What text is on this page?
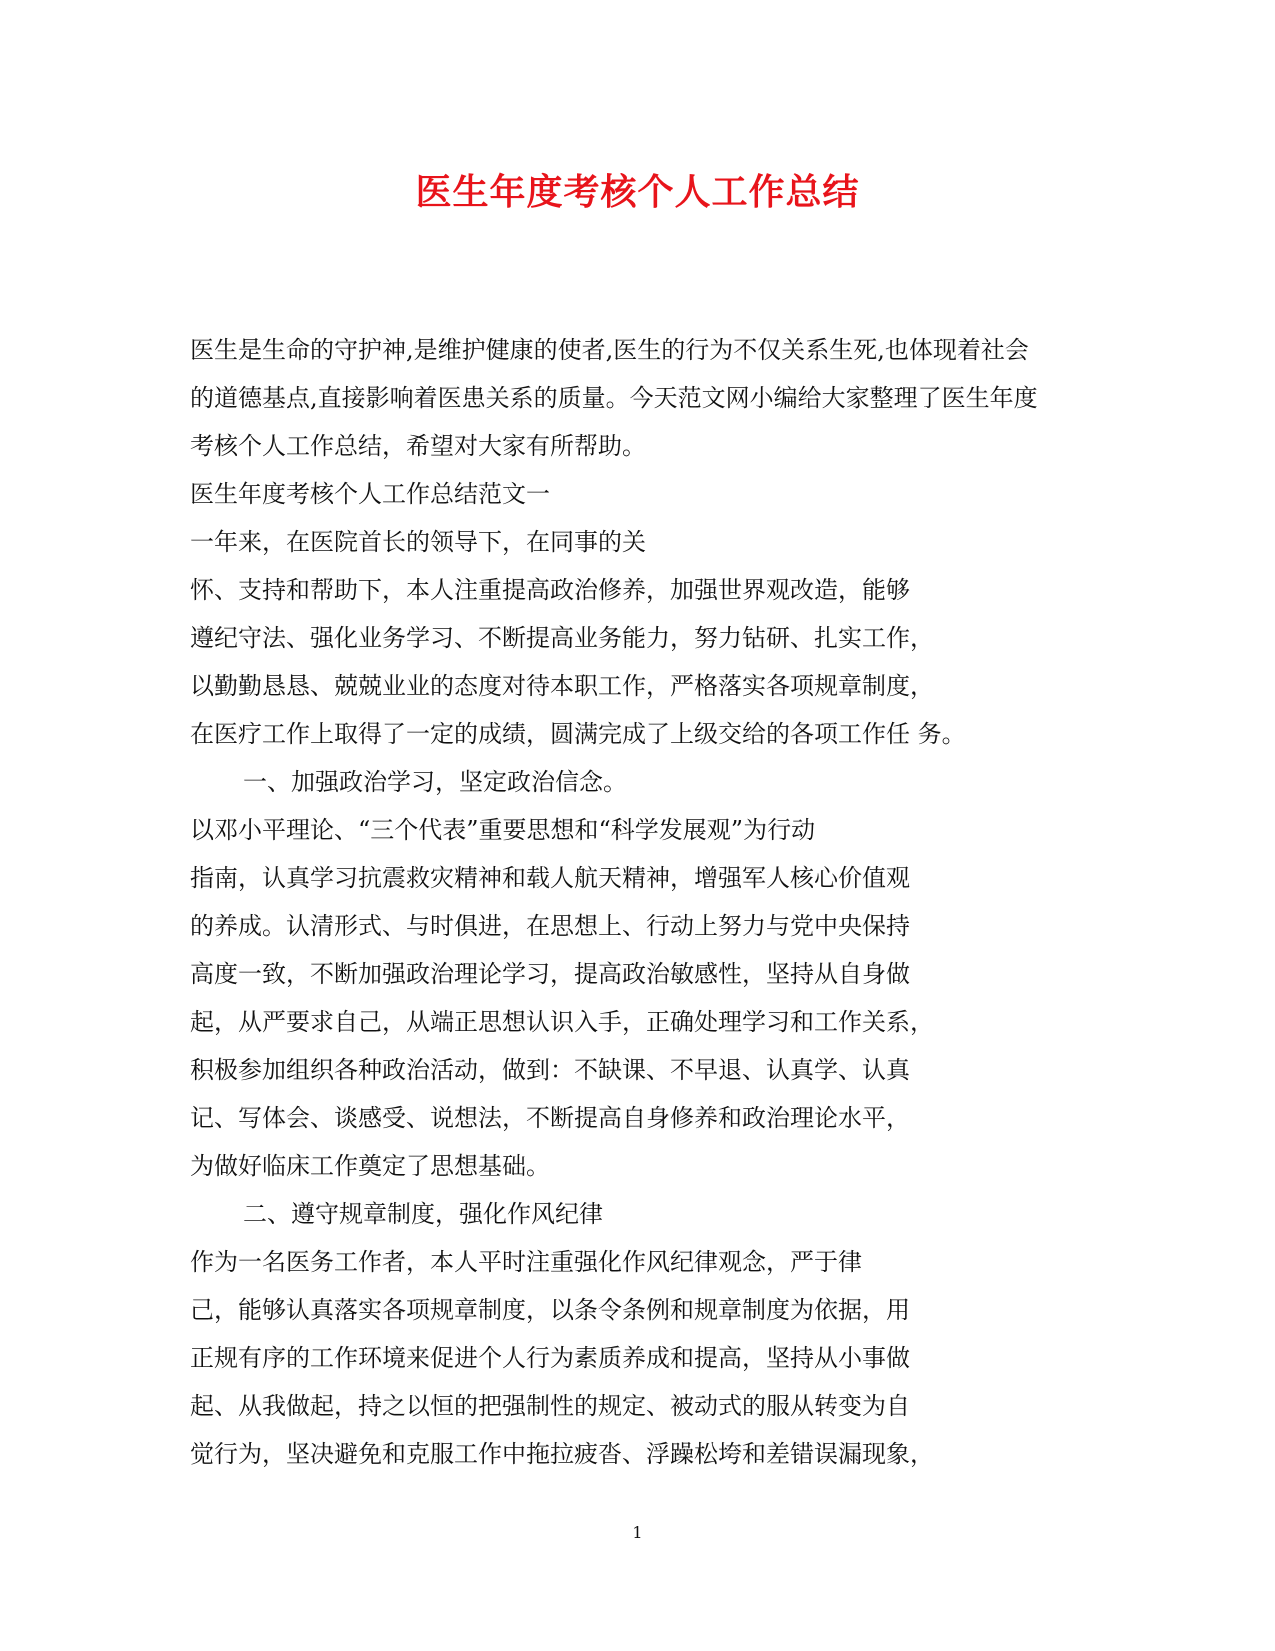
医生年度考核个人工作总结
医生是生命的守护神,是维护健康的使者,医生的行为不仅关系生死,也体现着社会
的道德基点,直接影响着医患关系的质量。今天范文网小编给大家整理了医生年度
考核个人工作总结，希望对大家有所帮助。
医生年度考核个人工作总结范文一
一年来，在医院首长的领导下，在同事的关
怀、支持和帮助下，本人注重提高政治修养，加强世界观改造，能够
遵纪守法、强化业务学习、不断提高业务能力，努力钻研、扎实工作，
以勤勤恳恳、兢兢业业的态度对待本职工作，严格落实各项规章制度，
在医疗工作上取得了一定的成绩，圆满完成了上级交给的各项工作任 务。
一、加强政治学习，坚定政治信念。
以邓小平理论、“三个代表”重要思想和“科学发展观”为行动
指南，认真学习抗震救灾精神和载人航天精神，增强军人核心价值观
的养成。认清形式、与时俱进，在思想上、行动上努力与党中央保持
高度一致，不断加强政治理论学习，提高政治敏感性，坚持从自身做
起，从严要求自己，从端正思想认识入手，正确处理学习和工作关系，
积极参加组织各种政治活动，做到：不缺课、不早退、认真学、认真
记、写体会、谈感受、说想法，不断提高自身修养和政治理论水平，
为做好临床工作奠定了思想基础。
二、遵守规章制度，强化作风纪律
作为一名医务工作者，本人平时注重强化作风纪律观念，严于律
己，能够认真落实各项规章制度，以条令条例和规章制度为依据，用
正规有序的工作环境来促进个人行为素质养成和提高，坚持从小事做
起、从我做起，持之以恒的把强制性的规定、被动式的服从转变为自
觉行为，坚决避免和克服工作中拖拉疲沓、浮躁松垮和差错误漏现象，
1
